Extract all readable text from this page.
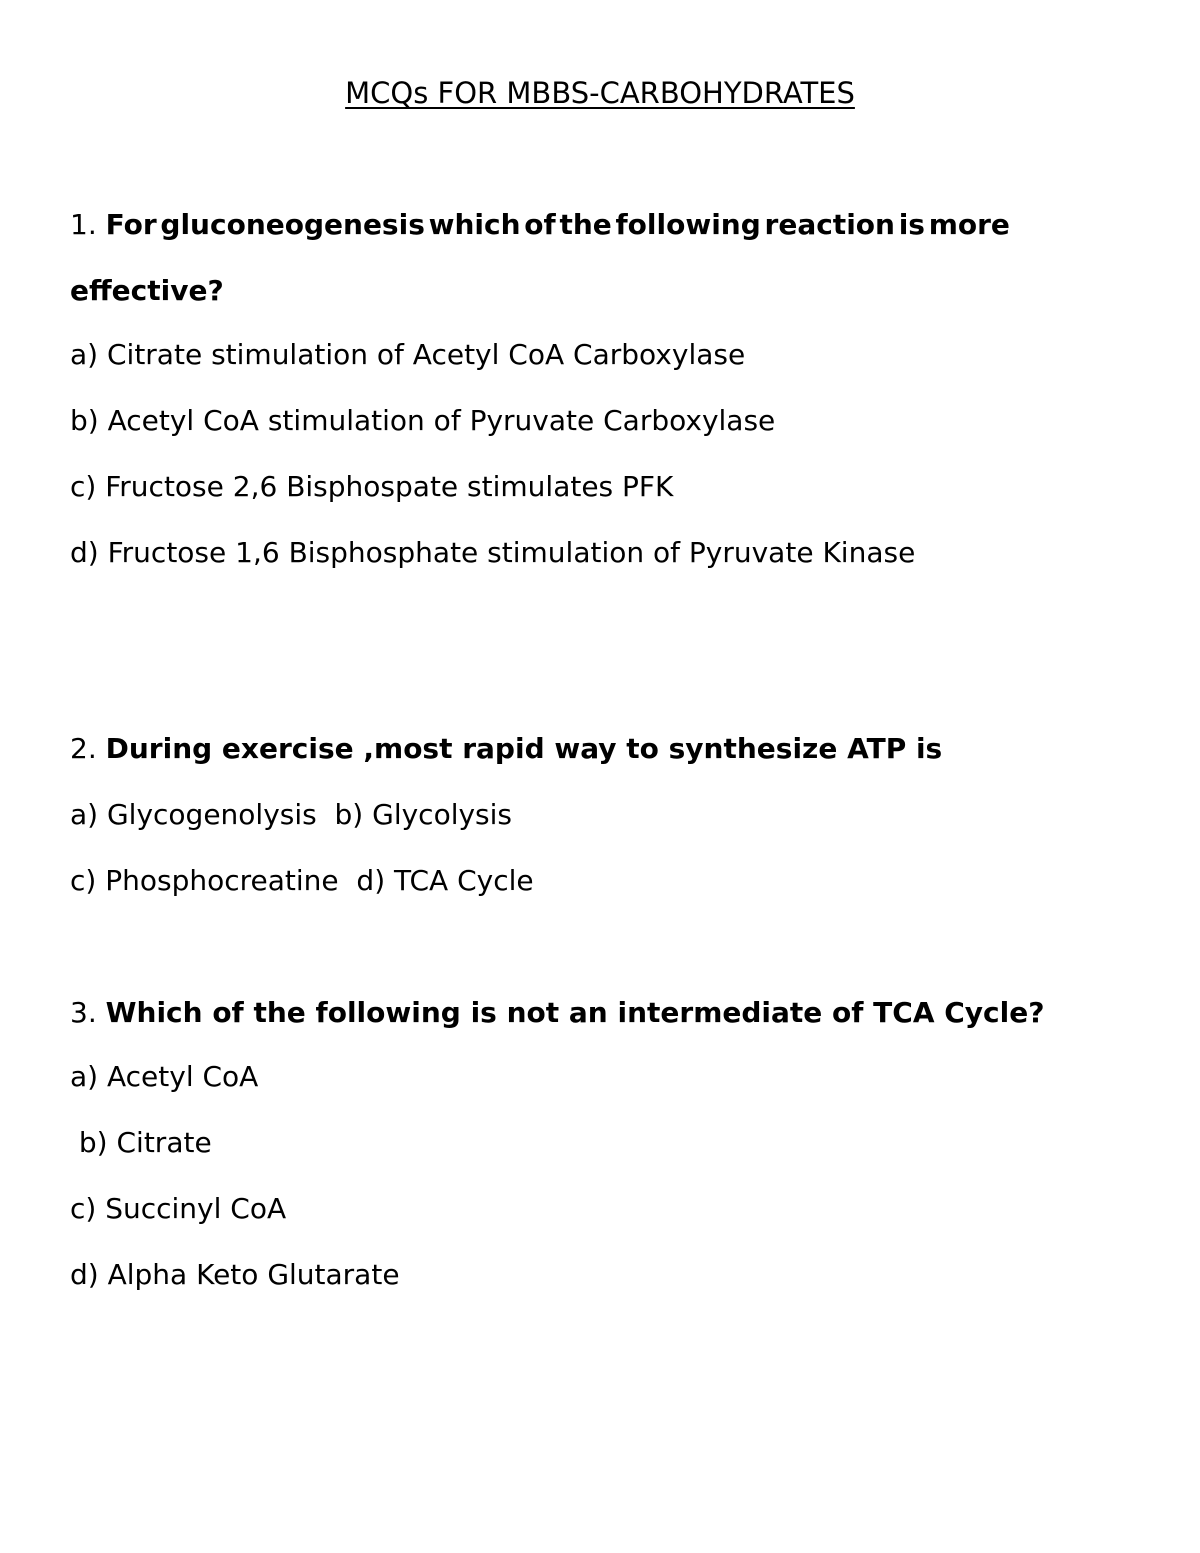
MCQs FOR MBBS-CARBOHYDRATES
1. For gluconeogenesis which of the following reaction is more
effective?
a) Citrate stimulation of Acetyl CoA Carboxylase
b) Acetyl CoA stimulation of Pyruvate Carboxylase
c) Fructose 2,6 Bisphospate stimulates PFK
d) Fructose 1,6 Bisphosphate stimulation of Pyruvate Kinase
2. During exercise ,most rapid way to synthesize ATP is
a) Glycogenolysis  b) Glycolysis
c) Phosphocreatine  d) TCA Cycle
3. Which of the following is not an intermediate of TCA Cycle?
a) Acetyl CoA
b) Citrate
c) Succinyl CoA
d) Alpha Keto Glutarate
